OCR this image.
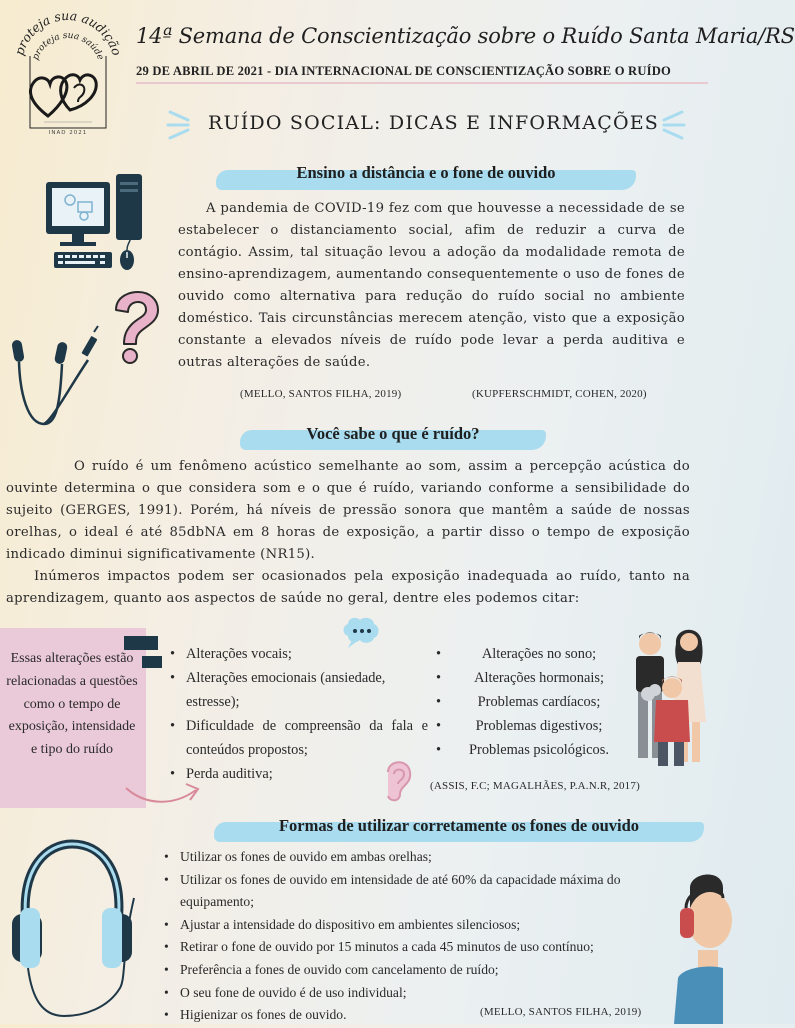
proteja sua audição
proteja sua saúde
INAD 2021
14ª Semana de Conscientização sobre o Ruído Santa Maria/RS
29 DE ABRIL DE 2021 - DIA INTERNACIONAL DE CONSCIENTIZAÇÃO SOBRE O RUÍDO
RUÍDO SOCIAL: DICAS E INFORMAÇÕES
Ensino a distância e o fone de ouvido
A pandemia de COVID-19 fez com que houvesse a necessidade de se estabelecer o distanciamento social, afim de reduzir a curva de contágio. Assim, tal situação levou a adoção da modalidade remota de ensino-aprendizagem, aumentando consequentemente o uso de fones de ouvido como alternativa para redução do ruído social no ambiente doméstico. Tais circunstâncias merecem atenção, visto que a exposição constante a elevados níveis de ruído pode levar a perda auditiva e outras alterações de saúde.
(MELLO, SANTOS FILHA, 2019)	(KUPFERSCHMIDT, COHEN, 2020)
Você sabe o que é ruído?
O ruído é um fenômeno acústico semelhante ao som, assim a percepção acústica do ouvinte determina o que considera som e o que é ruído, variando conforme a sensibilidade do sujeito (GERGES, 1991). Porém, há níveis de pressão sonora que mantêm a saúde de nossas orelhas, o ideal é até 85dbNA em 8 horas de exposição, a partir disso o tempo de exposição indicado diminui significativamente (NR15).
Inúmeros impactos podem ser ocasionados pela exposição inadequada ao ruído, tanto na aprendizagem, quanto aos aspectos de saúde no geral, dentre eles podemos citar:
Essas alterações estão relacionadas a questões como o tempo de exposição, intensidade e tipo do ruído
• Alterações vocais;
• Alterações emocionais (ansiedade, estresse);
• Dificuldade de compreensão da fala e conteúdos propostos;
• Perda auditiva;
• Alterações no sono;
• Alterações hormonais;
• Problemas cardíacos;
• Problemas digestivos;
• Problemas psicológicos.
(ASSIS, F.C; MAGALHÃES, P.A.N.R, 2017)
Formas de utilizar corretamente os fones de ouvido
• Utilizar os fones de ouvido em ambas orelhas;
• Utilizar os fones de ouvido em intensidade de até 60% da capacidade máxima do equipamento;
• Ajustar a intensidade do dispositivo em ambientes silenciosos;
• Retirar o fone de ouvido por 15 minutos a cada 45 minutos de uso contínuo;
• Preferência a fones de ouvido com cancelamento de ruído;
• O seu fone de ouvido é de uso individual;
• Higienizar os fones de ouvido.	(MELLO, SANTOS FILHA, 2019)
